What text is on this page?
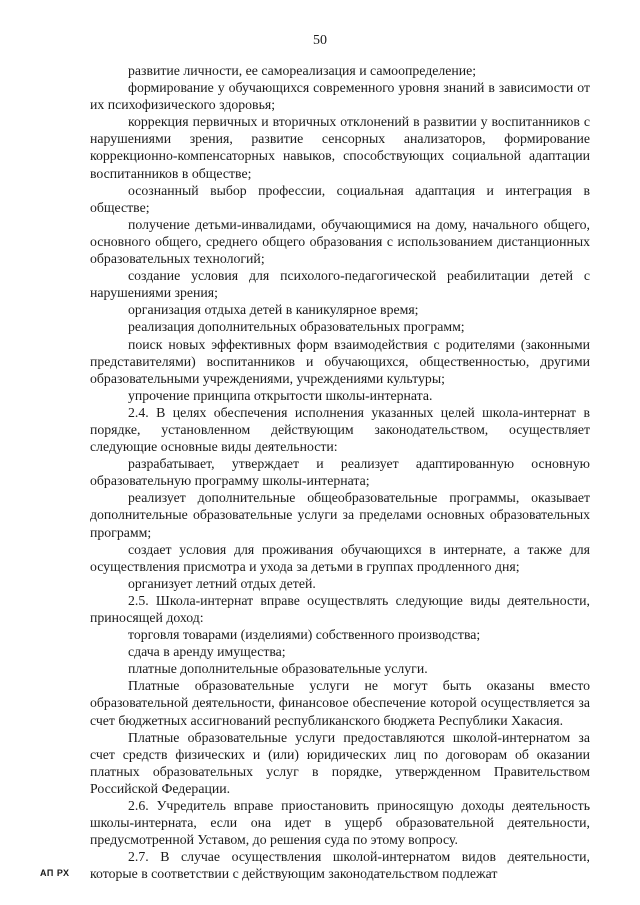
50

развитие личности, ее самореализация и самоопределение;

формирование у обучающихся современного уровня знаний в зависимости от их психофизического здоровья;

коррекция первичных и вторичных отклонений в развитии у воспитанников с нарушениями зрения, развитие сенсорных анализаторов, формирование коррекционно-компенсаторных навыков, способствующих социальной адаптации воспитанников в обществе;

осознанный выбор профессии, социальная адаптация и интеграция в обществе;

получение детьми-инвалидами, обучающимися на дому, начального общего, основного общего, среднего общего образования с использованием дистанционных образовательных технологий;

создание условия для психолого-педагогической реабилитации детей с нарушениями зрения;

организация отдыха детей в каникулярное время;

реализация дополнительных образовательных программ;

поиск новых эффективных форм взаимодействия с родителями (законными представителями) воспитанников и обучающихся, общественностью, другими образовательными учреждениями, учреждениями культуры;

упрочение принципа открытости школы-интерната.

2.4. В целях обеспечения исполнения указанных целей школа-интернат в порядке, установленном действующим законодательством, осуществляет следующие основные виды деятельности:

разрабатывает, утверждает и реализует адаптированную основную образовательную программу школы-интерната;

реализует дополнительные общеобразовательные программы, оказывает дополнительные образовательные услуги за пределами основных образовательных программ;

создает условия для проживания обучающихся в интернате, а также для осуществления присмотра и ухода за детьми в группах продленного дня;

организует летний отдых детей.

2.5. Школа-интернат вправе осуществлять следующие виды деятельности, приносящей доход:

торговля товарами (изделиями) собственного производства;

сдача в аренду имущества;

платные дополнительные образовательные услуги.

Платные образовательные услуги не могут быть оказаны вместо образовательной деятельности, финансовое обеспечение которой осуществляется за счет бюджетных ассигнований республиканского бюджета Республики Хакасия.

Платные образовательные услуги предоставляются школой-интернатом за счет средств физических и (или) юридических лиц по договорам об оказании платных образовательных услуг в порядке, утвержденном Правительством Российской Федерации.

2.6. Учредитель вправе приостановить приносящую доходы деятельность школы-интерната, если она идет в ущерб образовательной деятельности, предусмотренной Уставом, до решения суда по этому вопросу.

2.7. В случае осуществления школой-интернатом видов деятельности, которые в соответствии с действующим законодательством подлежат

АП РХ
